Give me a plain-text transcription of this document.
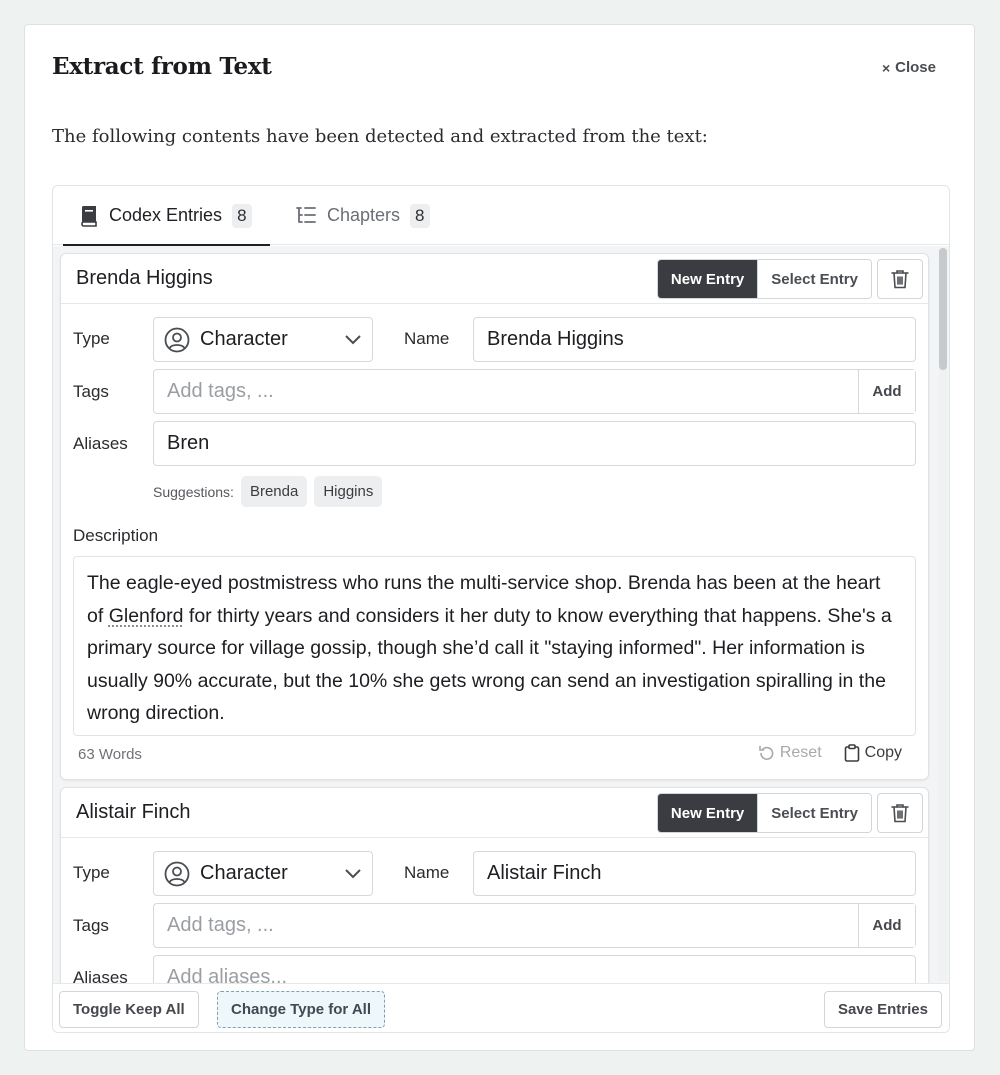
Extract from Text	× Close
The following contents have been detected and extracted from the text:
Codex Entries 8	Chapters 8
Brenda Higgins	New Entry	Select Entry
Type	Character	Name Brenda Higgins
Tags	Add tags, ...	Add
Aliases Bren
Suggestions:	Brenda	Higgins
Description
The eagle-eyed postmistress who runs the multi-service shop. Brenda has been at the heart of Glenford for thirty years and considers it her duty to know everything that happens. She's a primary source for village gossip, though she’d call it "staying informed". Her information is usually 90% accurate, but the 10% she gets wrong can send an investigation spiralling in the wrong direction.
63 Words	Reset	Copy
Alistair Finch	New Entry	Select Entry
Type	Character	Name Alistair Finch
Tags	Add tags, ...	Add
Aliases Add aliases...
Toggle Keep All	Change Type for All	Save Entries
